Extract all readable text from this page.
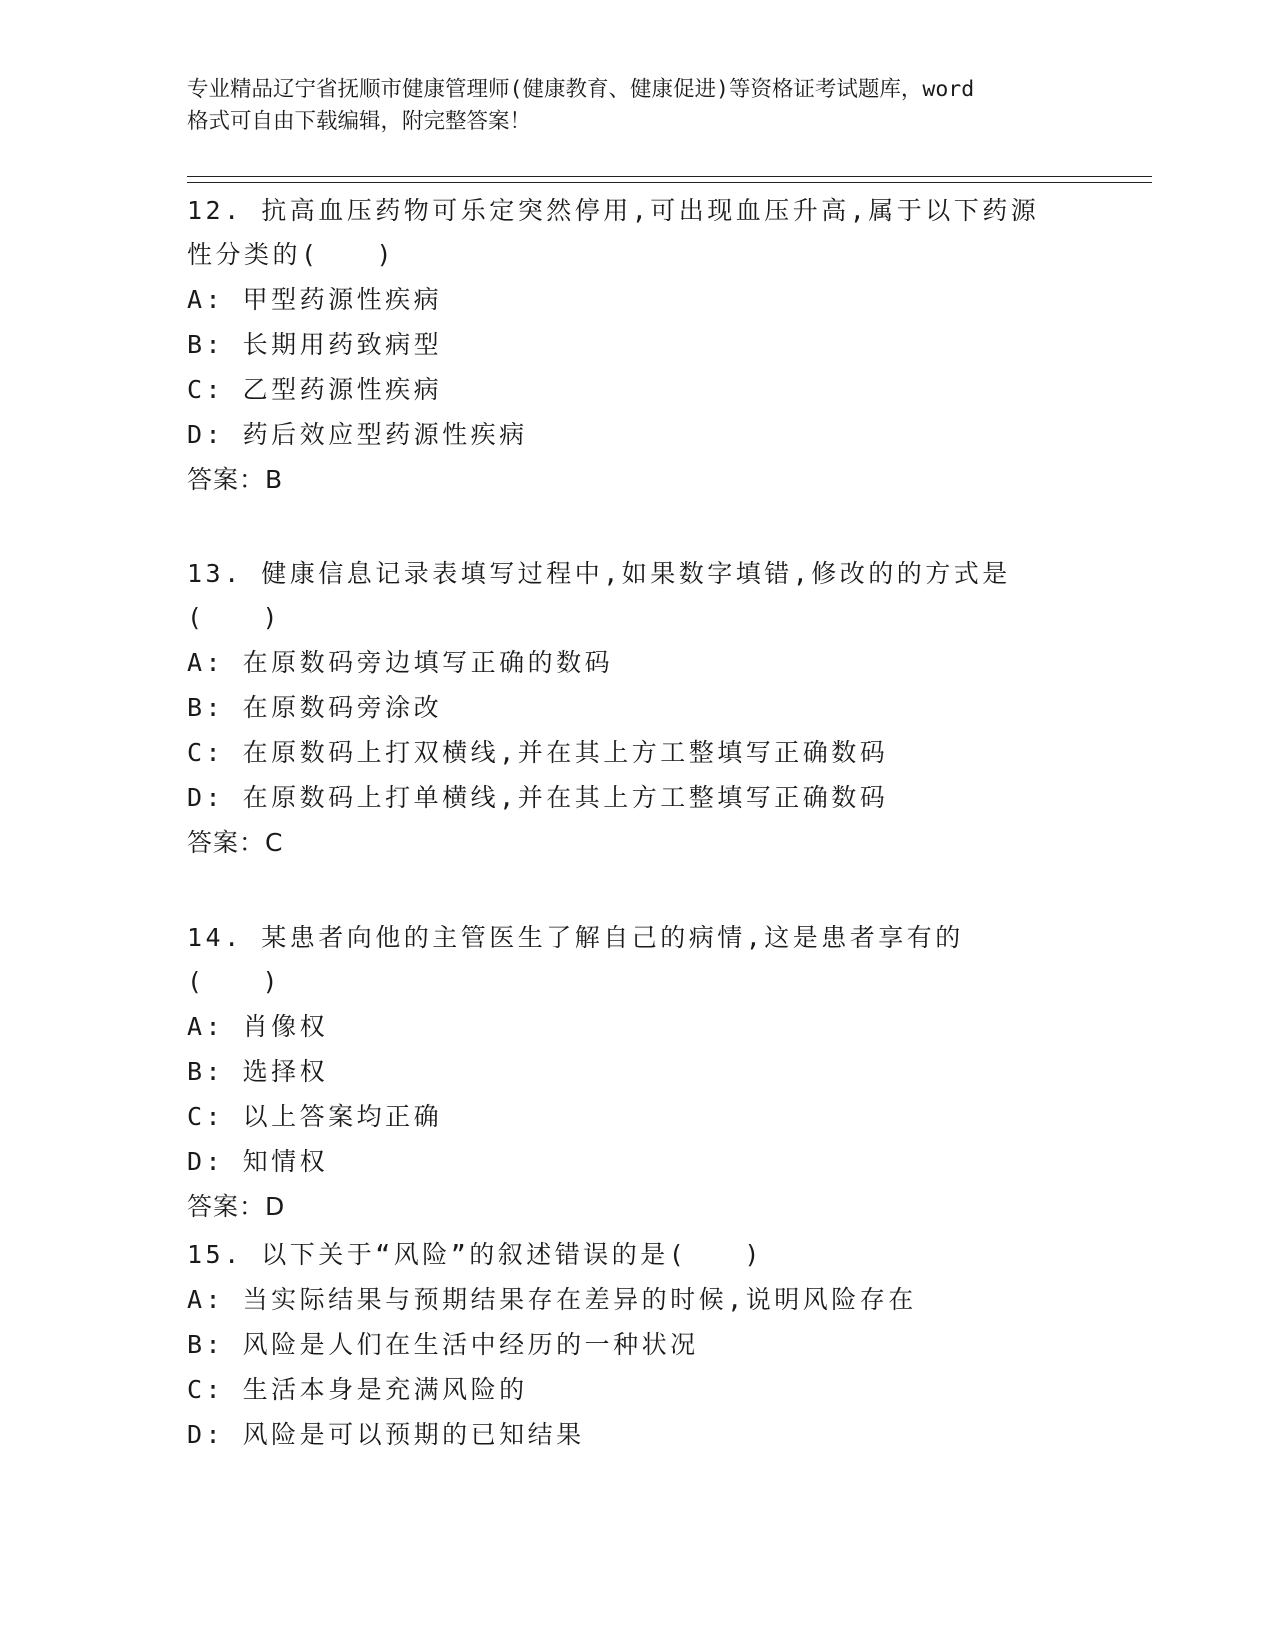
专业精品辽宁省抚顺市健康管理师(健康教育、健康促进)等资格证考试题库，word
格式可自由下载编辑，附完整答案！

12. 抗高血压药物可乐定突然停用,可出现血压升高,属于以下药源性分类的(　　)

A: 甲型药源性疾病
B: 长期用药致病型
C: 乙型药源性疾病
D: 药后效应型药源性疾病
答案：B

13. 健康信息记录表填写过程中,如果数字填错,修改的的方式是(　　)

A: 在原数码旁边填写正确的数码
B: 在原数码旁涂改
C: 在原数码上打双横线,并在其上方工整填写正确数码
D: 在原数码上打单横线,并在其上方工整填写正确数码
答案：C

14. 某患者向他的主管医生了解自己的病情,这是患者享有的(　　)

A: 肖像权
B: 选择权
C: 以上答案均正确
D: 知情权
答案：D

15. 以下关于“风险”的叙述错误的是(　　)

A: 当实际结果与预期结果存在差异的时候,说明风险存在
B: 风险是人们在生活中经历的一种状况
C: 生活本身是充满风险的
D: 风险是可以预期的已知结果
